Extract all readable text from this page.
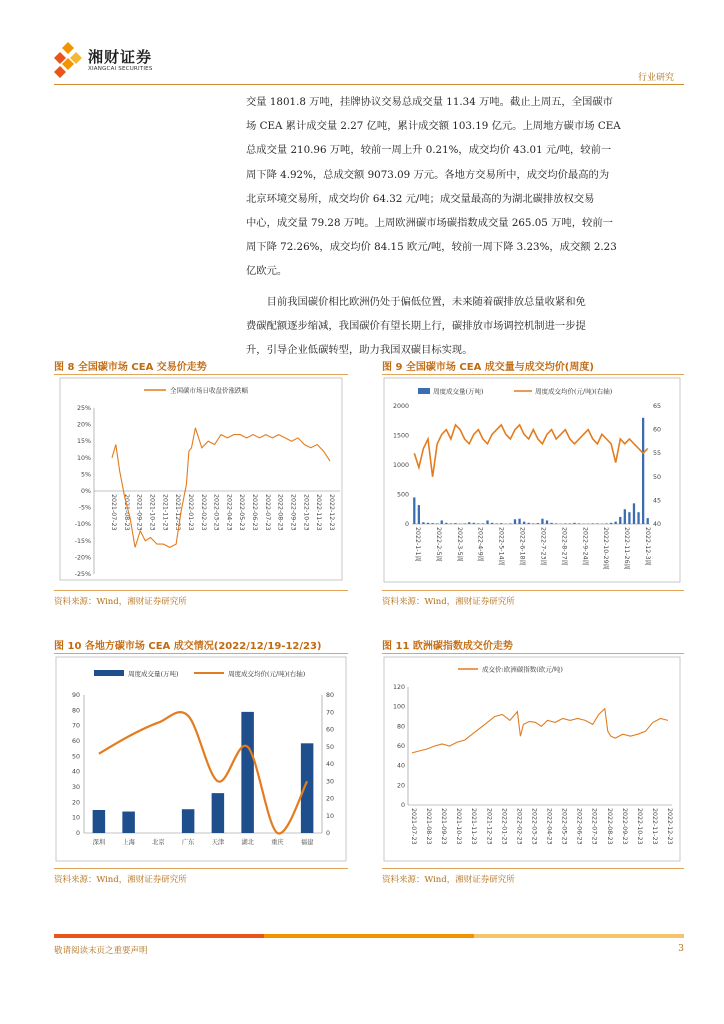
湘财证券
XIANGCAI SECURITIES
行业研究

交量 1801.8 万吨，挂牌协议交易总成交量 11.34 万吨。截止上周五，全国碳市
场 CEA 累计成交量 2.27 亿吨，累计成交额 103.19 亿元。上周地方碳市场 CEA
总成交量 210.96 万吨，较前一周上升 0.21%，成交均价 43.01 元/吨，较前一
周下降 4.92%，总成交额 9073.09 万元。各地方交易所中，成交均价最高的为
北京环境交易所，成交均价 64.32 元/吨；成交量最高的为湖北碳排放权交易
中心，成交量 79.28 万吨。上周欧洲碳市场碳指数成交量 265.05 万吨，较前一
周下降 72.26%，成交均价 84.15 欧元/吨，较前一周下降 3.23%，成交额 2.23
亿欧元。

目前我国碳价相比欧洲仍处于偏低位置，未来随着碳排放总量收紧和免
费碳配额逐步缩减，我国碳价有望长期上行，碳排放市场调控机制进一步提
升，引导企业低碳转型，助力我国双碳目标实现。

图 8 全国碳市场 CEA 交易价走势
全国碳市场日收盘价涨跌幅
25%
20%
15%
10%
5%
0%
-5%
-10%
-15%
-20%
-25%
2021-07-23 2021-08-23 2021-09-23 2021-10-23 2021-11-23 2021-12-23 2022-01-23 2022-02-23 2022-03-23 2022-04-23 2022-05-23 2022-06-23 2022-07-23 2022-08-23 2022-09-23 2022-10-23 2022-11-23 2022-12-23
资料来源：Wind，湘财证券研究所
图 9 全国碳市场 CEA 成交量与成交均价(周度)
周度成交量(万吨)	周度成交均价(元/吨)(右轴)
2000
1500
1000
500
0
65
60
55
50
45
40
2022-1-1周 2022-2-5周 2022-3-5周 2022-4-9周 2022-5-14周 2022-6-18周 2022-7-23周 2022-8-27周 2022-9-24周 2022-10-29周 2022-11-26周 2022-12-3周
资料来源：Wind，湘财证券研究所
图 10 各地方碳市场 CEA 成交情况(2022/12/19-12/23)
周度成交量(万吨)	周度成交均价(元/吨)(右轴)
90
80
70
60
50
40
30
20
10
0
80
70
60
50
40
30
20
10
0
深圳	上海	北京	广东	天津	湖北	重庆	福建
资料来源：Wind，湘财证券研究所
图 11 欧洲碳指数成交价走势
成交价:欧洲碳指数(欧元/吨)
120
100
80
60
40
20
0
2021-07-23 2021-08-23 2021-09-23 2021-10-23 2021-11-23 2021-12-23 2022-01-23 2022-02-23 2022-03-23 2022-04-23 2022-05-23 2022-06-23 2022-07-23 2022-08-23 2022-09-23 2022-10-23 2022-11-23 2022-12-23
资料来源：Wind，湘财证券研究所
敬请阅读末页之重要声明	3
